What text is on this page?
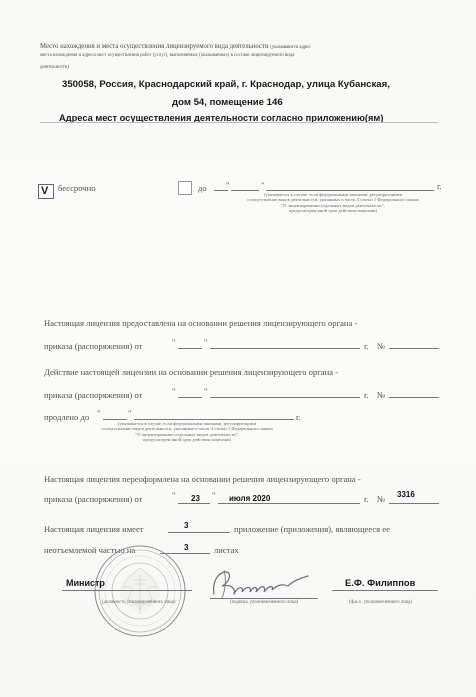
Место нахождения и места осуществления лицензируемого вида деятельности (указываются адрес
места нахождения и адреса мест осуществления работ (услуг), выполняемых (оказываемых) в составе лицензируемого вида
деятельности)
350058, Россия, Краснодарский край, г. Краснодар, улица Кубанская,
дом 54, помещение 146
Адреса мест осуществления деятельности согласно приложению(ям)
V бессрочно	до "	"	г.
(указывается в случае, если федеральными законами, регулирующими
осуществление видов деятельности, указанных в части 4 статьи 1 Федерального закона
"О лицензировании отдельных видов деятельности",
предусмотрен иной срок действия лицензии)
Настоящая лицензия предоставлена на основании решения лицензирующего органа -
приказа (распоряжения) от	"	"	г. №
Действие настоящей лицензии на основании решения лицензирующего органа -
приказа (распоряжения) от	"	"	г. №
продлено до "	"	г.
(указывается в случае, если федеральными законами, регулирующими
осуществление видов деятельности, указанных в части 4 статьи 1 Федерального закона
"О лицензировании отдельных видов деятельности",
предусмотрен иной срок действия лицензии)
Настоящая лицензия переоформлена на основании решения лицензирующего органа -
приказа (распоряжения) от	" 23 " июля 2020	г. № 3316
Настоящая лицензия имеет	3	приложение (приложения), являющееся ее
неотъемлемой частью на	3	листах
Министр
(должность уполномоченного лица)	(подпись уполномоченного лица)
Е.Ф. Филиппов
(ф.и.о. уполномоченного лица)
